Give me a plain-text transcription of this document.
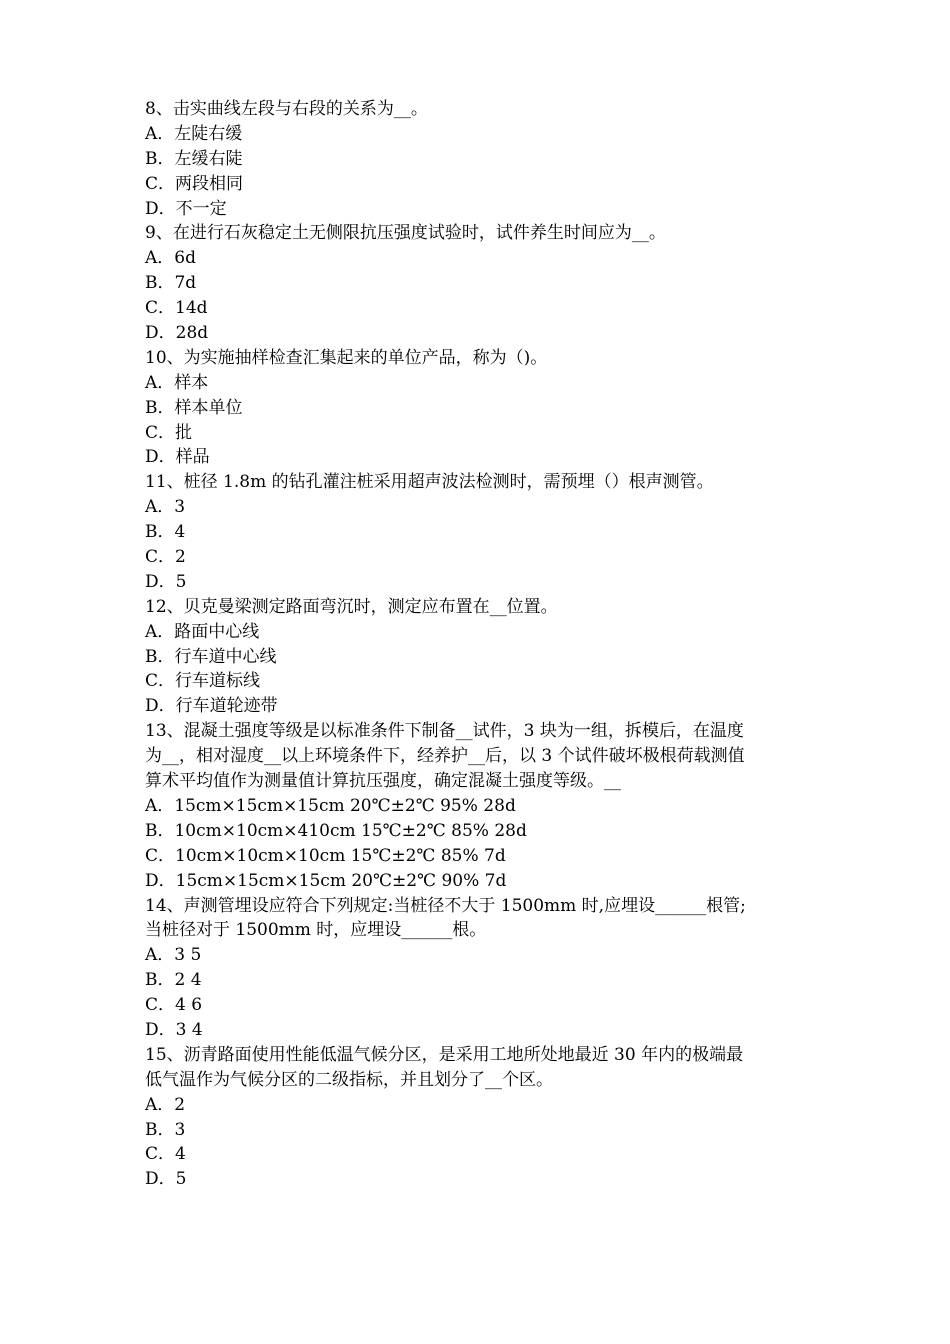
8、击实曲线左段与右段的关系为__。
A．左陡右缓
B．左缓右陡
C．两段相同
D．不一定
9、在进行石灰稳定土无侧限抗压强度试验时，试件养生时间应为__。
A．6d
B．7d
C．14d
D．28d
10、为实施抽样检查汇集起来的单位产品，称为（)。
A．样本
B．样本单位
C．批
D．样品
11、桩径 1.8m 的钻孔灌注桩采用超声波法检测时，需预埋（）根声测管。
A．3
B．4
C．2
D．5
12、贝克曼梁测定路面弯沉时，测定应布置在__位置。
A．路面中心线
B．行车道中心线
C．行车道标线
D．行车道轮迹带
13、混凝土强度等级是以标准条件下制备__试件，3 块为一组，拆模后，在温度
为__，相对湿度__以上环境条件下，经养护__后，以 3 个试件破坏极根荷载测值
算术平均值作为测量值计算抗压强度，确定混凝土强度等级。__
A．15cm×15cm×15cm 20℃±2℃ 95% 28d
B．10cm×10cm×410cm 15℃±2℃ 85% 28d
C．10cm×10cm×10cm 15℃±2℃ 85% 7d
D．15cm×15cm×15cm 20℃±2℃ 90% 7d
14、声测管埋设应符合下列规定:当桩径不大于 1500mm 时,应埋设______根管;
当桩径对于 1500mm 时，应埋设______根。
A．3 5
B．2 4
C．4 6
D．3 4
15、沥青路面使用性能低温气候分区，是采用工地所处地最近 30 年内的极端最
低气温作为气候分区的二级指标，并且划分了__个区。
A．2
B．3
C．4
D．5
